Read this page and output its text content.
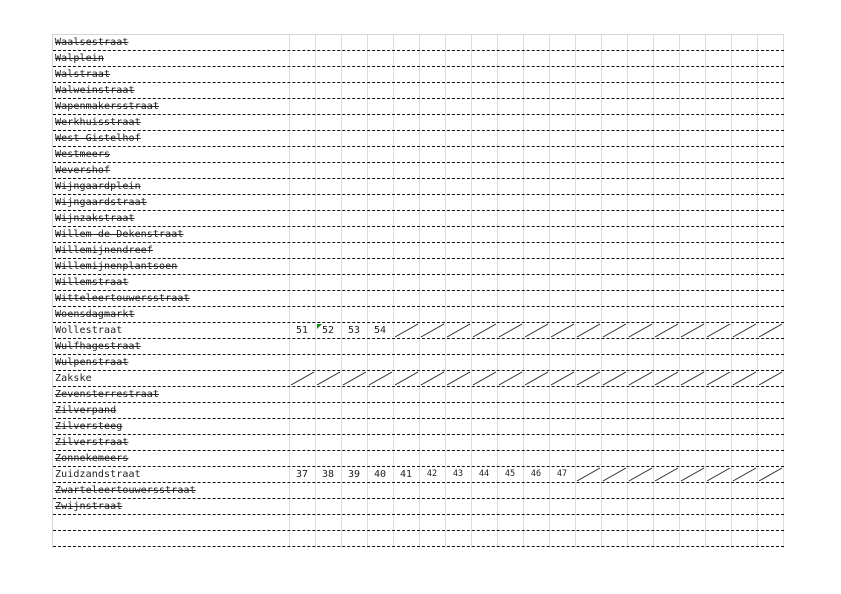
Waalsestraat
Walplein
Walstraat
Walweinstraat
Wapenmakersstraat
Werkhuisstraat
West Gistelhof
Westmeers
Wevershof
Wijngaardplein
Wijngaardstraat
Wijnzakstraat
Willem de Dekenstraat
Willemijnendreef
Willemijnenplantsoen
Willemstraat
Witteleertouwersstraat
Woensdagmarkt
Wollestraat	51	52	53	54
Wulfhagestraat
Wulpenstraat
Zakske
Zevensterrestraat
Zilverpand
Zilversteeg
Zilverstraat
Zonnekemeers
Zuidzandstraat	37	38	39	40	41	42	43	44	45	46	47
Zwarteleertouwersstraat
Zwijnstraat
